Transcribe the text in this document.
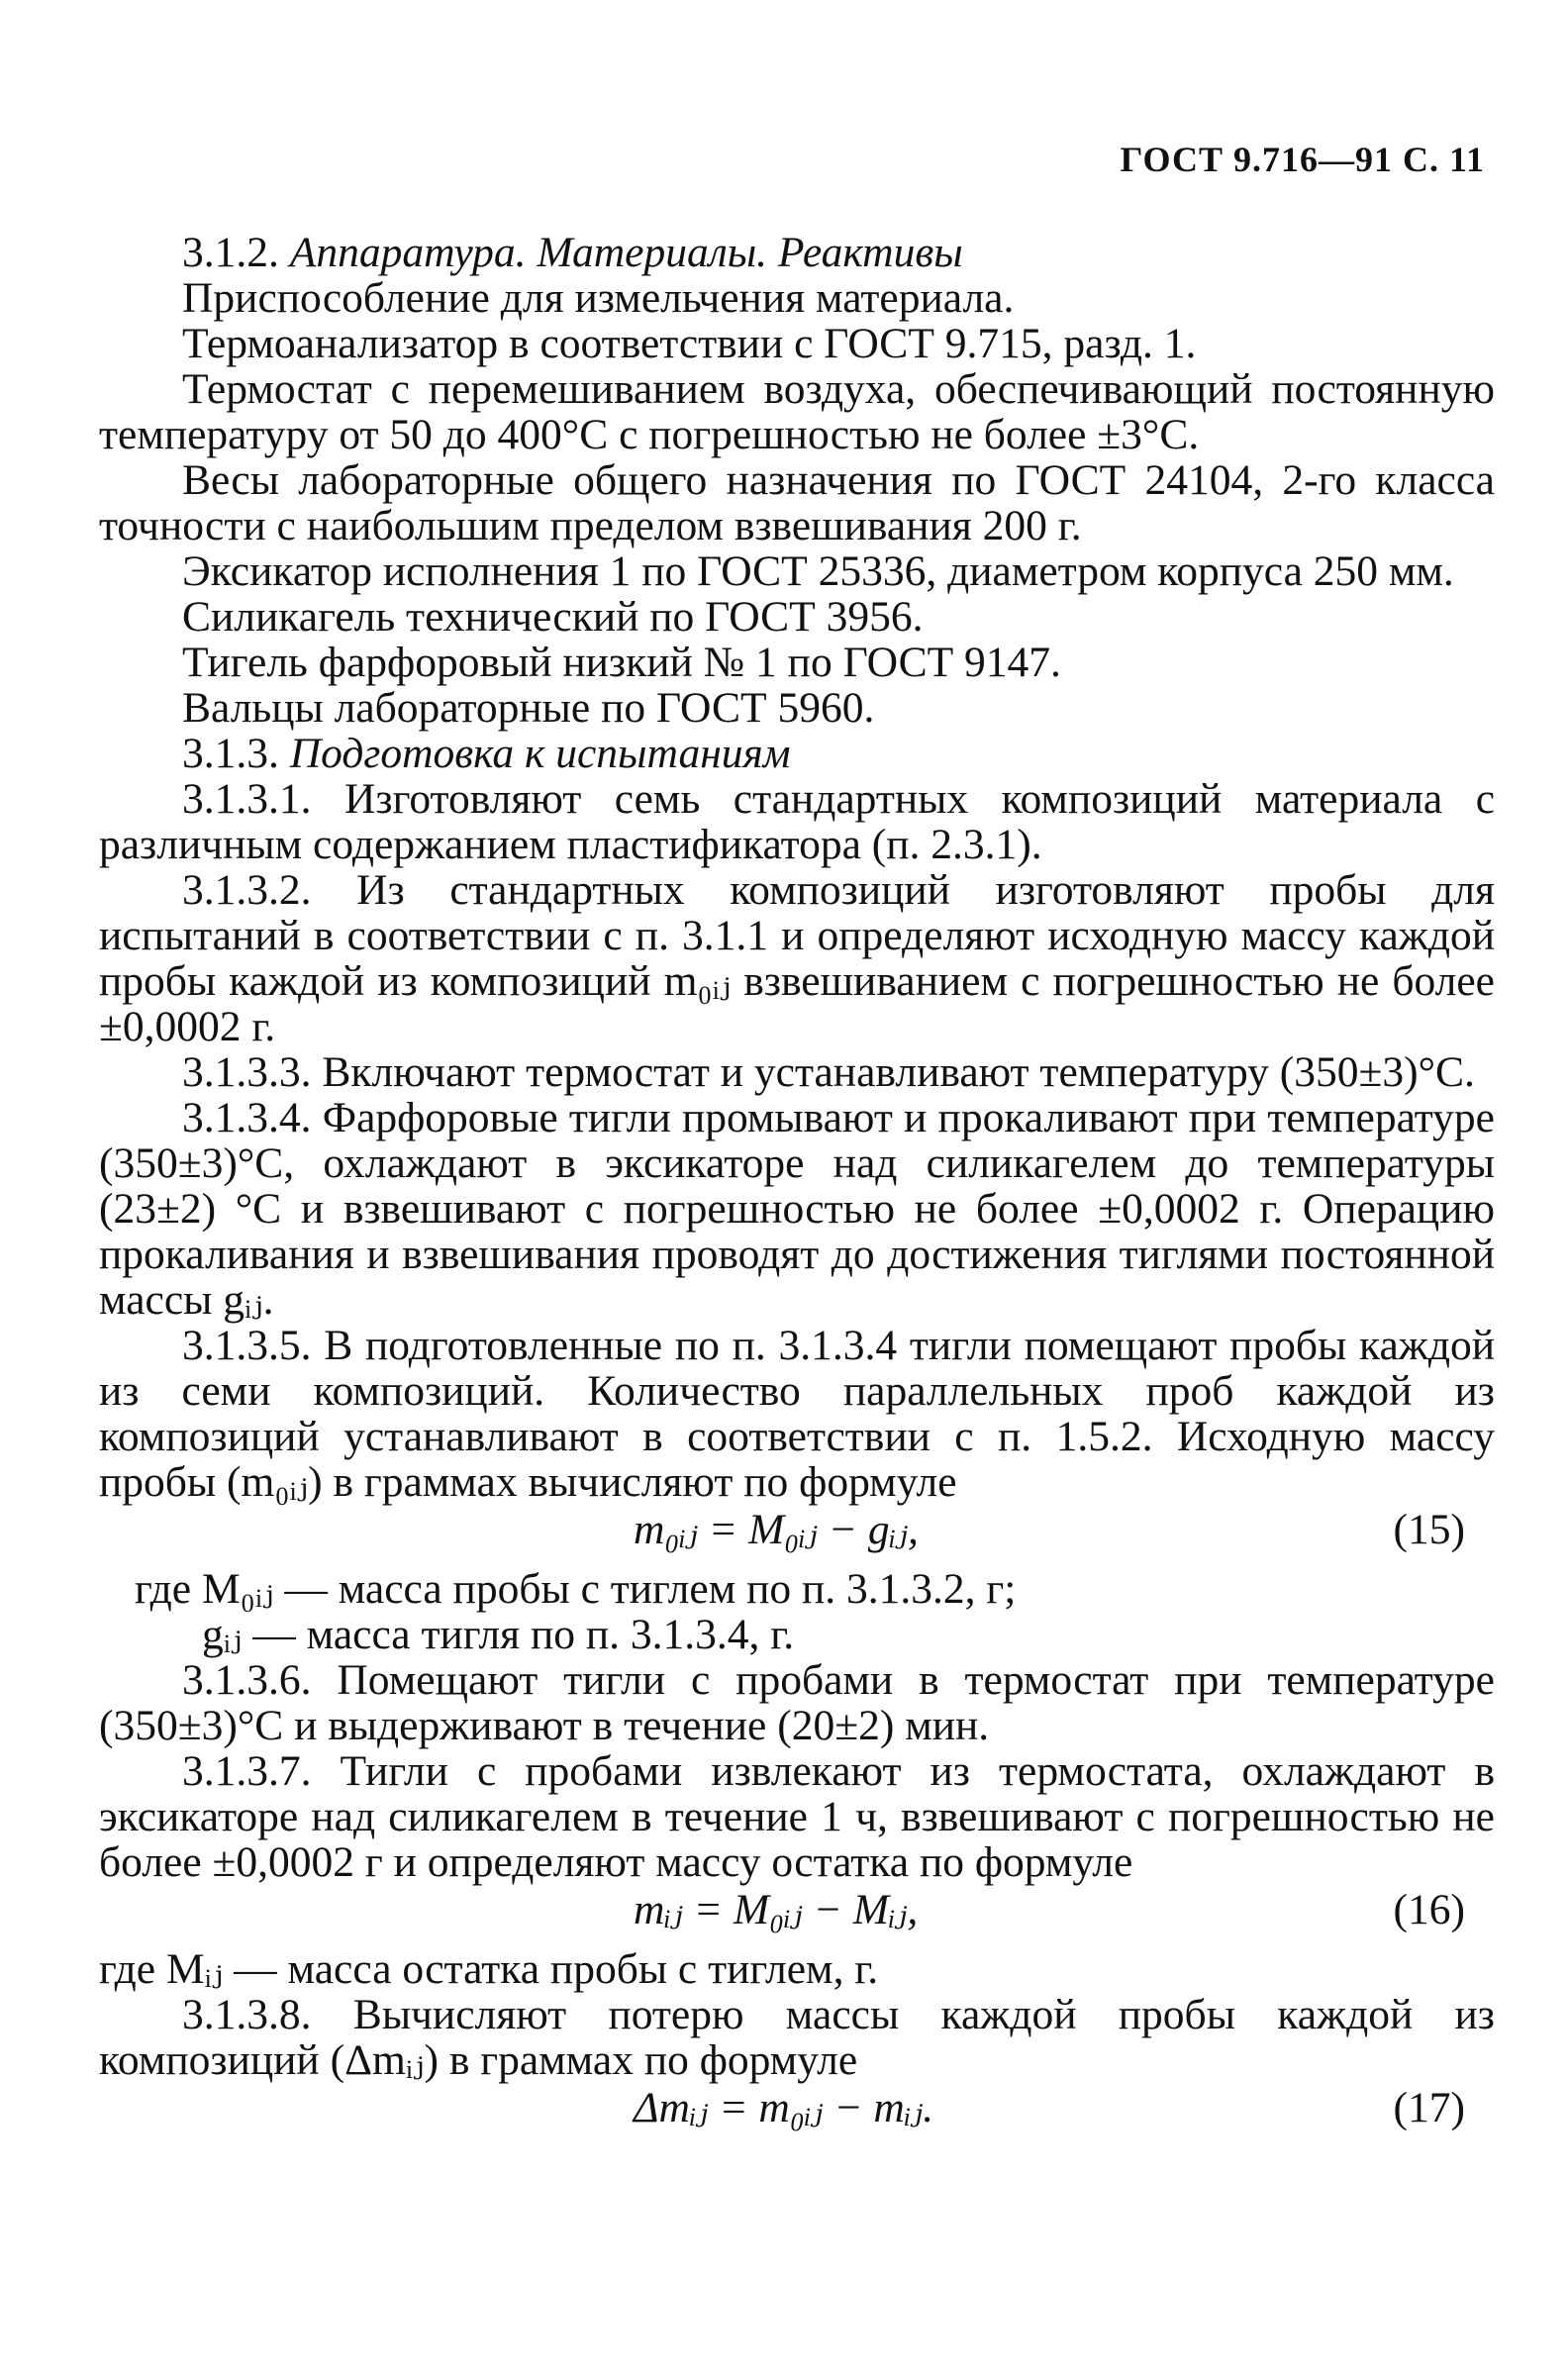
ГОСТ 9.716—91 С. 11

3.1.2. Аппаратура. Материалы. Реактивы

Приспособление для измельчения материала.

Термоанализатор в соответствии с ГОСТ 9.715, разд. 1.

Термостат с перемешиванием воздуха, обеспечивающий постоянную температуру от 50 до 400°С с погрешностью не более ±3°С.

Весы лабораторные общего назначения по ГОСТ 24104, 2-го класса точности с наибольшим пределом взвешивания 200 г.

Эксикатор исполнения 1 по ГОСТ 25336, диаметром корпуса 250 мм.

Силикагель технический по ГОСТ 3956.

Тигель фарфоровый низкий № 1 по ГОСТ 9147.

Вальцы лабораторные по ГОСТ 5960.

3.1.3. Подготовка к испытаниям

3.1.3.1. Изготовляют семь стандартных композиций материала с различным содержанием пластификатора (п. 2.3.1).

3.1.3.2. Из стандартных композиций изготовляют пробы для испытаний в соответствии с п. 3.1.1 и определяют исходную массу каждой пробы каждой из композиций m₀ᵢⱼ взвешиванием с погрешностью не более ±0,0002 г.

3.1.3.3. Включают термостат и устанавливают температуру (350±3)°С.

3.1.3.4. Фарфоровые тигли промывают и прокаливают при температуре (350±3)°С, охлаждают в эксикаторе над силикагелем до температуры (23±2) °С и взвешивают с погрешностью не более ±0,0002 г. Операцию прокаливания и взвешивания проводят до достижения тиглями постоянной массы gᵢⱼ.

3.1.3.5. В подготовленные по п. 3.1.3.4 тигли помещают пробы каждой из семи композиций. Количество параллельных проб каждой из композиций устанавливают в соответствии с п. 1.5.2. Исходную массу пробы (m₀ᵢⱼ) в граммах вычисляют по формуле

m₀ᵢⱼ = M₀ᵢⱼ − gᵢⱼ,	(15)

где M₀ᵢⱼ — масса пробы с тиглем по п. 3.1.3.2, г;

gᵢⱼ — масса тигля по п. 3.1.3.4, г.

3.1.3.6. Помещают тигли с пробами в термостат при температуре (350±3)°С и выдерживают в течение (20±2) мин.

3.1.3.7. Тигли с пробами извлекают из термостата, охлаждают в эксикаторе над силикагелем в течение 1 ч, взвешивают с погрешностью не более ±0,0002 г и определяют массу остатка по формуле

mᵢⱼ = M₀ᵢⱼ − Mᵢⱼ,	(16)

где Mᵢⱼ — масса остатка пробы с тиглем, г.

3.1.3.8. Вычисляют потерю массы каждой пробы каждой из композиций (Δmᵢⱼ) в граммах по формуле

Δmᵢⱼ = m₀ᵢⱼ − mᵢⱼ.	(17)
